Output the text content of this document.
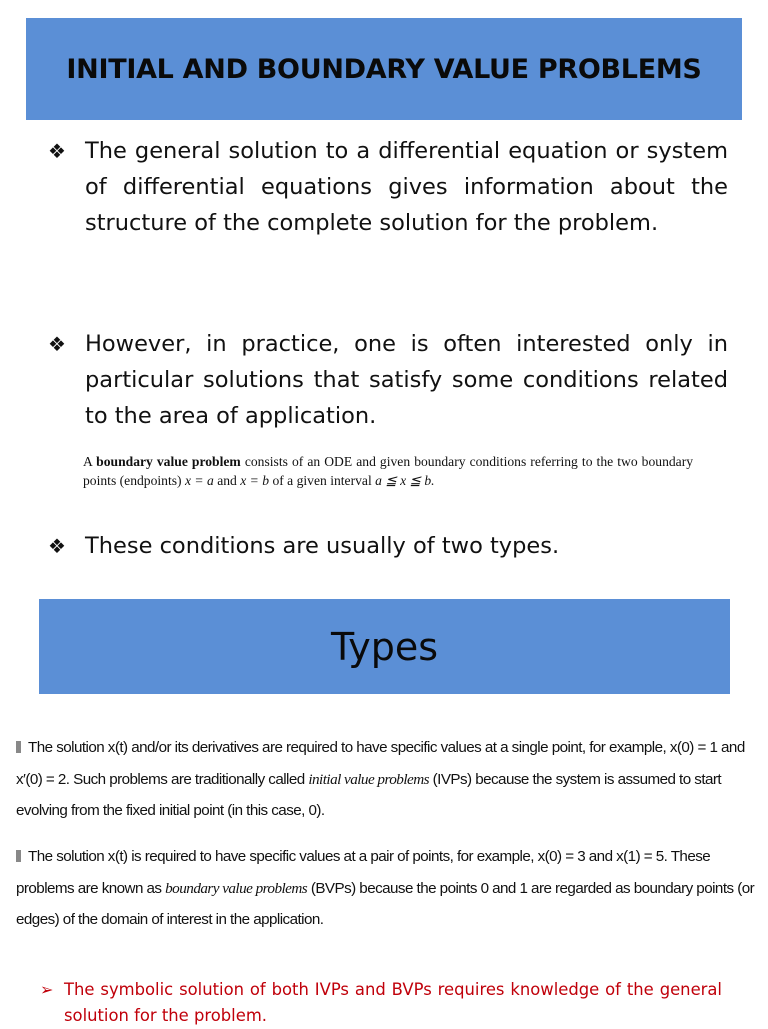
INITIAL AND BOUNDARY VALUE PROBLEMS
❖ The general solution to a differential equation or system of differential equations gives information about the structure of the complete solution for the problem.

❖ However, in practice, one is often interested only in particular solutions that satisfy some conditions related to the area of application.

A boundary value problem consists of an ODE and given boundary conditions referring to the two boundary points (endpoints) x = a and x = b of a given interval a ≦ x ≦ b.
❖ These conditions are usually of two types.

Types
The solution x(t) and/or its derivatives are required to have specific values at a single point, for example, x(0) = 1 and x′(0) = 2. Such problems are traditionally called initial value problems (IVPs) because the system is assumed to start evolving from the fixed initial point (in this case, 0).
The solution x(t) is required to have specific values at a pair of points, for example, x(0) = 3 and x(1) = 5. These problems are known as boundary value problems (BVPs) because the points 0 and 1 are regarded as boundary points (or edges) of the domain of interest in the application.
➢ The symbolic solution of both IVPs and BVPs requires knowledge of the general solution for the problem.
